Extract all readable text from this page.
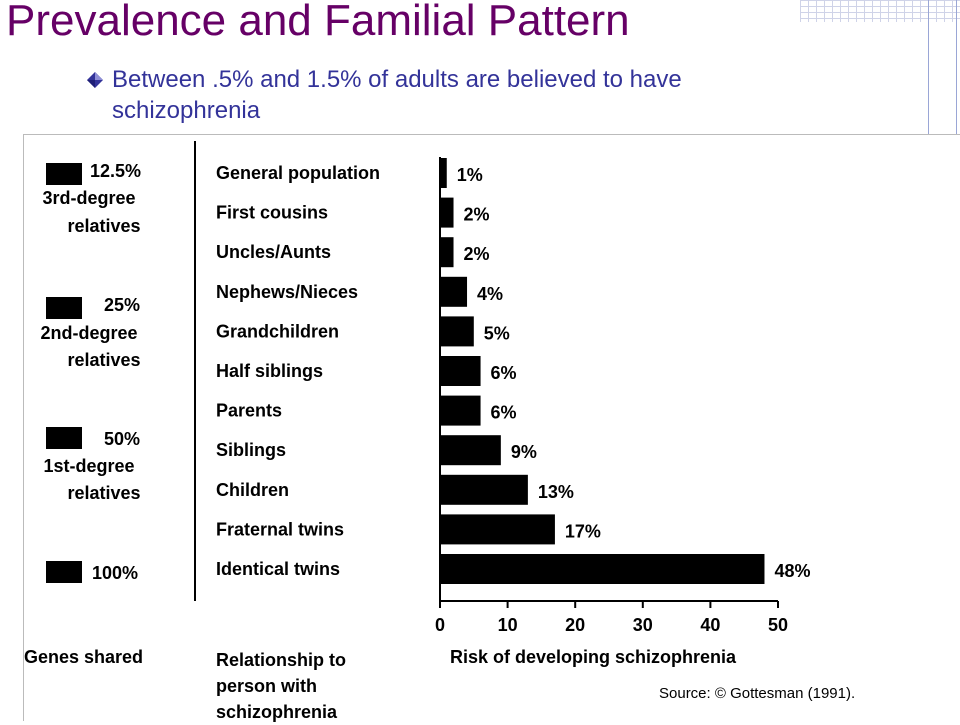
Prevalence and Familial Pattern
Between .5% and 1.5% of adults are believed to have schizophrenia
12.5%
3rd-degree
relatives
25%
2nd-degree
relatives
50%
1st-degree
relatives
100%
0	10	20	30	40	50
General population	1%
First cousins	2%
Uncles/Aunts	2%
Nephews/Nieces	4%
Grandchildren	5%
Half siblings	6%
Parents	6%
Siblings	9%
Children	13%
Fraternal twins	17%
Identical twins	48%
Genes shared	Relationship to person with schizophrenia
Risk of developing schizophrenia
Source: © Gottesman (1991).
